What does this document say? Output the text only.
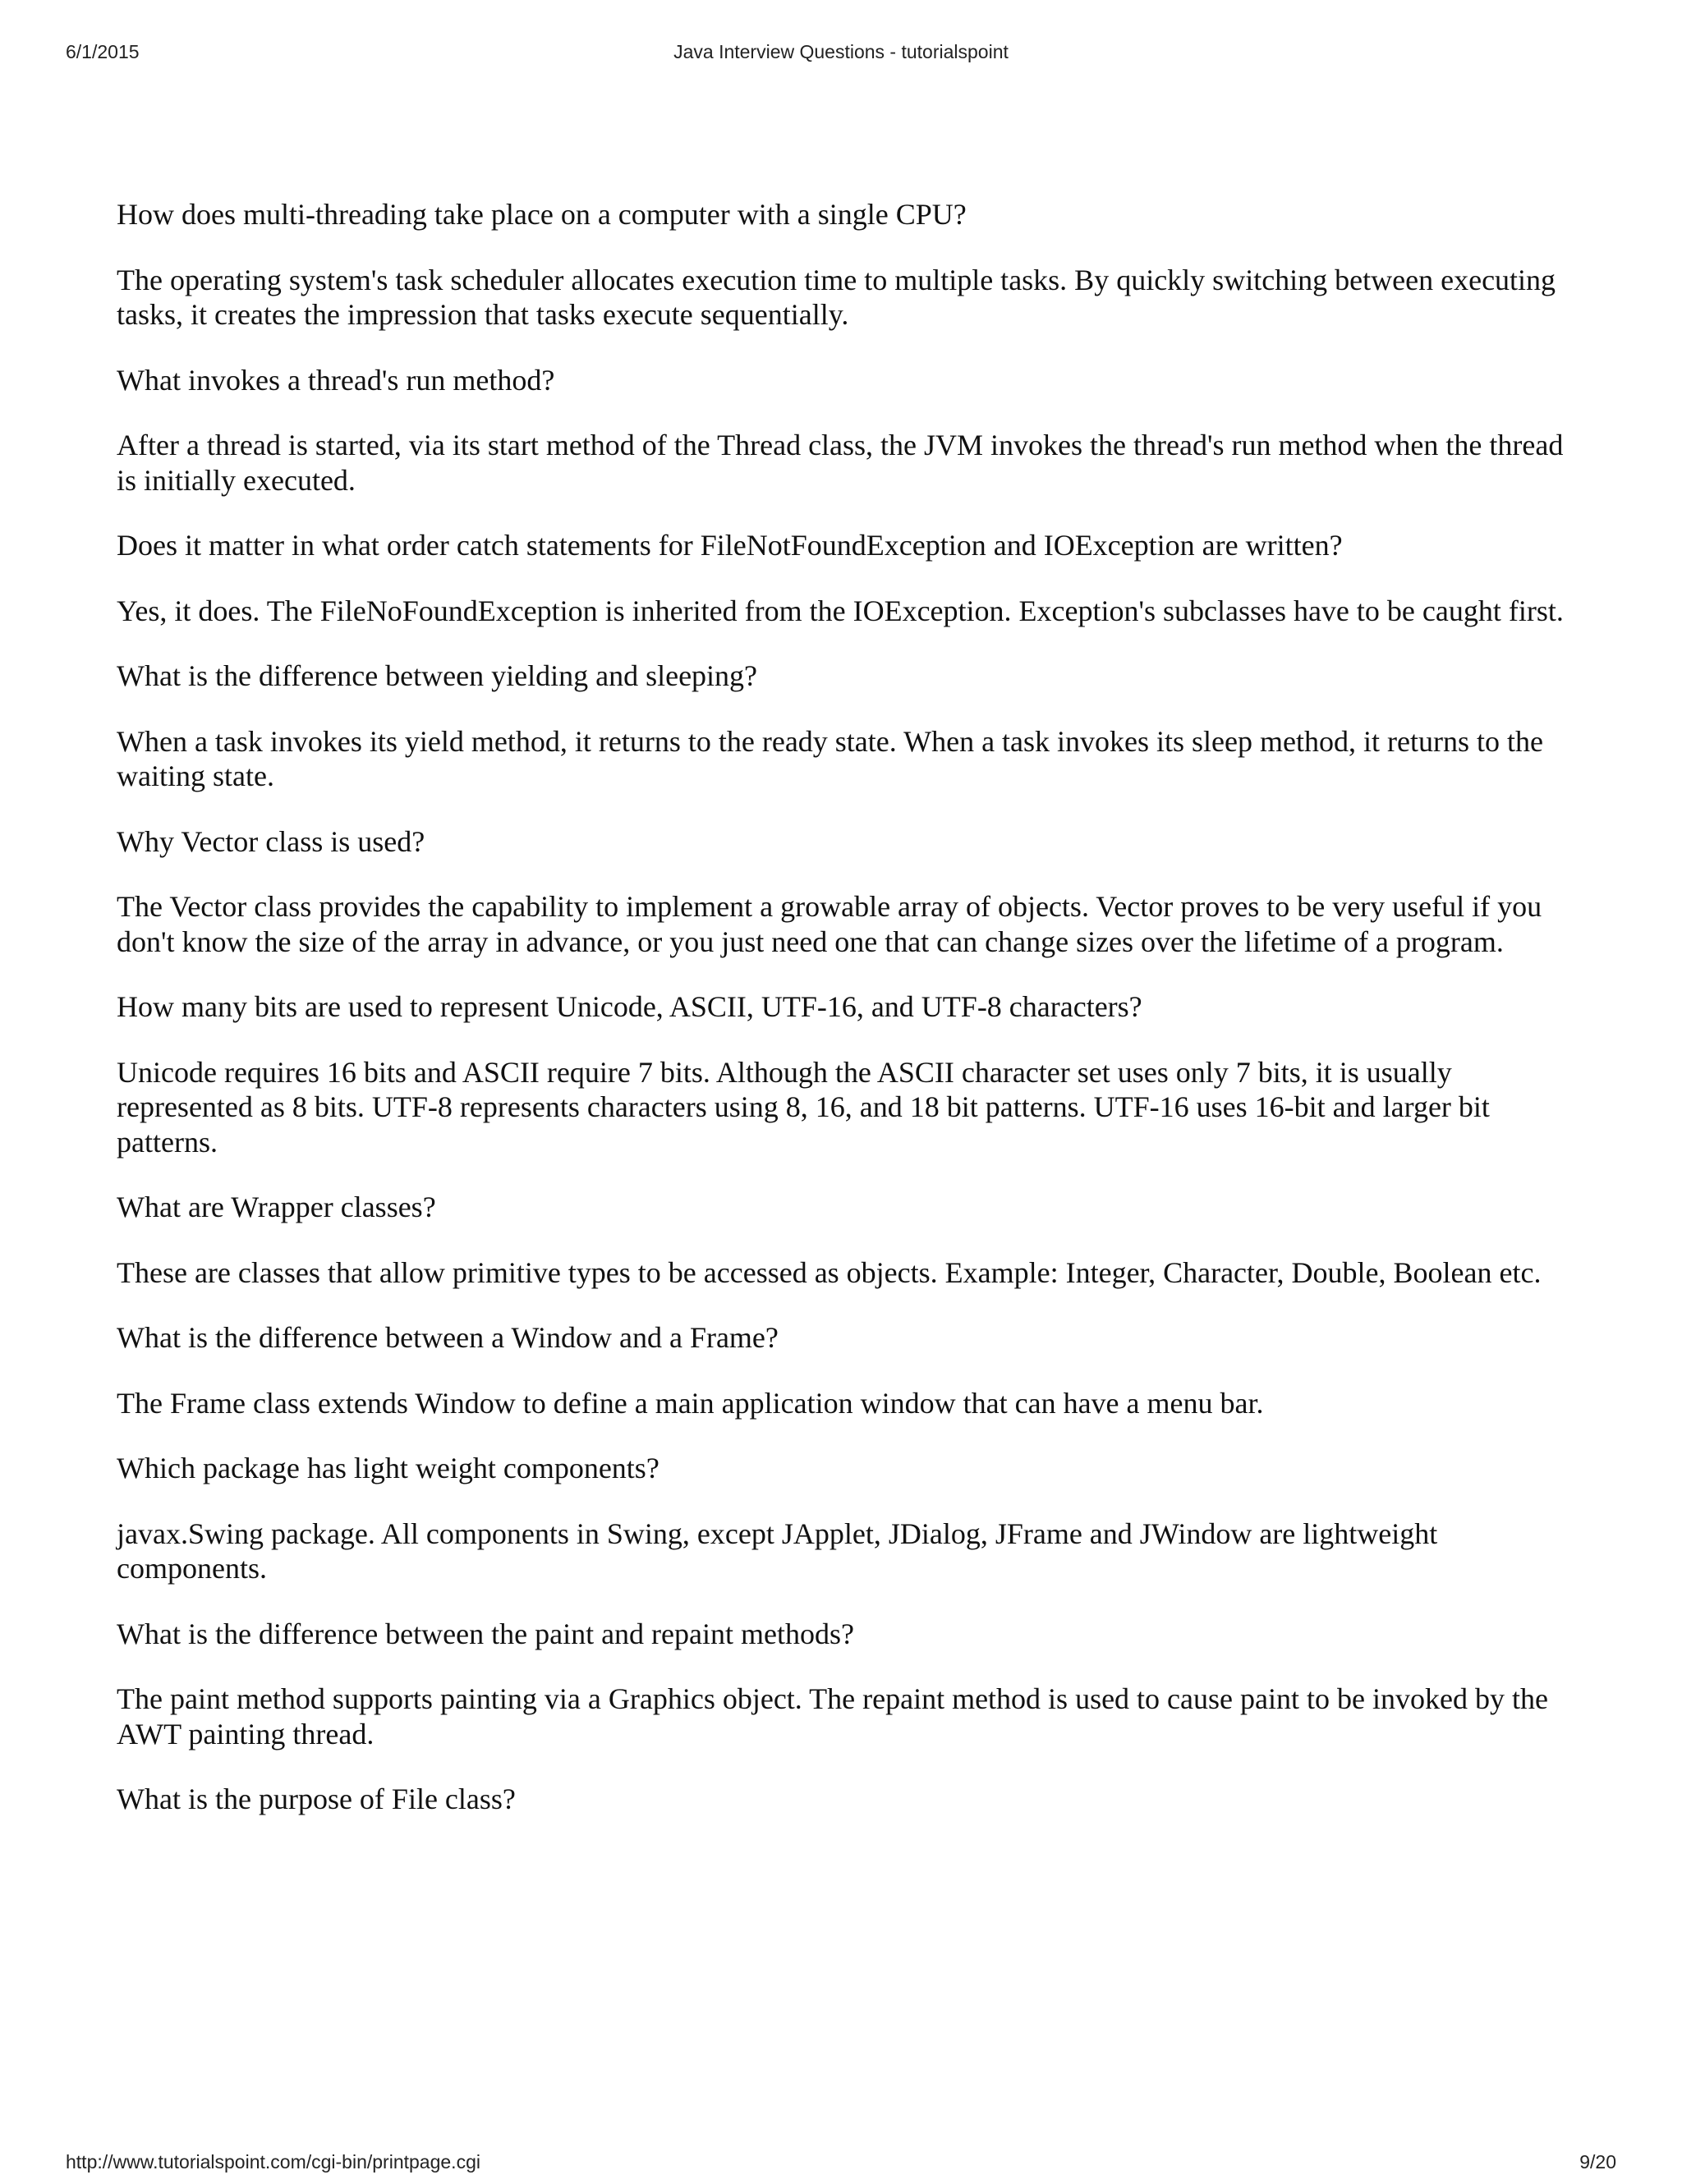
6/1/2015	Java Interview Questions - tutorialspoint

How does multi-threading take place on a computer with a single CPU?

The operating system's task scheduler allocates execution time to multiple tasks. By quickly switching between executing tasks, it creates the impression that tasks execute sequentially.

What invokes a thread's run method?

After a thread is started, via its start method of the Thread class, the JVM invokes the thread's run method when the thread is initially executed.

Does it matter in what order catch statements for FileNotFoundException and IOException are written?

Yes, it does. The FileNoFoundException is inherited from the IOException. Exception's subclasses have to be caught first.

What is the difference between yielding and sleeping?

When a task invokes its yield method, it returns to the ready state. When a task invokes its sleep method, it returns to the waiting state.

Why Vector class is used?

The Vector class provides the capability to implement a growable array of objects. Vector proves to be very useful if you don't know the size of the array in advance, or you just need one that can change sizes over the lifetime of a program.

How many bits are used to represent Unicode, ASCII, UTF-16, and UTF-8 characters?

Unicode requires 16 bits and ASCII require 7 bits. Although the ASCII character set uses only 7 bits, it is usually represented as 8 bits. UTF-8 represents characters using 8, 16, and 18 bit patterns. UTF-16 uses 16-bit and larger bit patterns.

What are Wrapper classes?

These are classes that allow primitive types to be accessed as objects. Example: Integer, Character, Double, Boolean etc.

What is the difference between a Window and a Frame?

The Frame class extends Window to define a main application window that can have a menu bar.

Which package has light weight components?

javax.Swing package. All components in Swing, except JApplet, JDialog, JFrame and JWindow are lightweight components.

What is the difference between the paint and repaint methods?

The paint method supports painting via a Graphics object. The repaint method is used to cause paint to be invoked by the AWT painting thread.

What is the purpose of File class?

http://www.tutorialspoint.com/cgi-bin/printpage.cgi	9/20
